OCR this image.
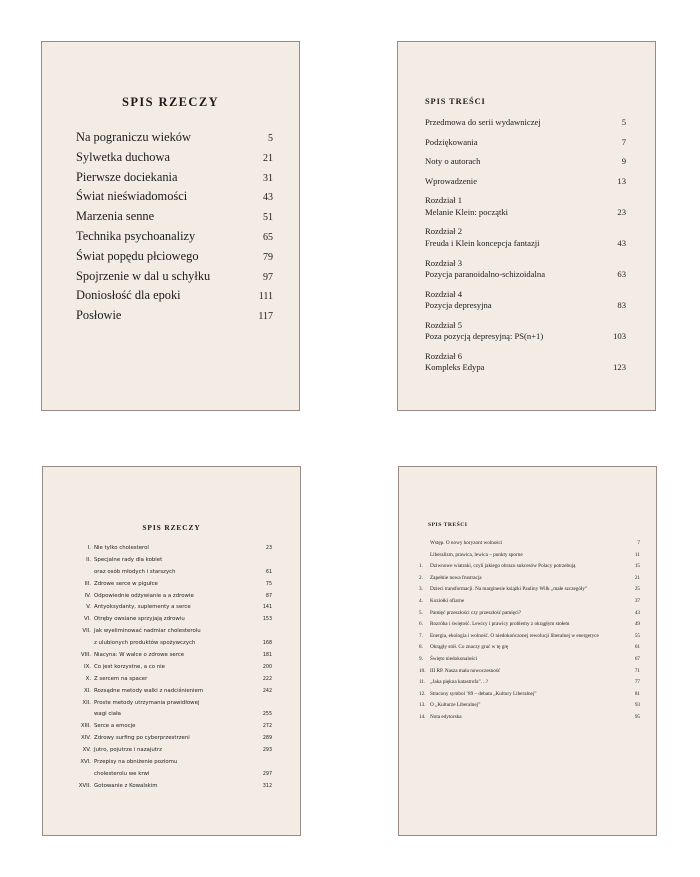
SPIS RZECZY
Na pograniczu wieków	5
Sylwetka duchowa	21
Pierwsze dociekania	31
Świat nieświadomości	43
Marzenia senne	51
Technika psychoanalizy	65
Świat popędu płciowego	79
Spojrzenie w dal u schyłku	97
Doniosłość dla epoki	111
Posłowie	117
SPIS TREŚCI
Przedmowa do serii wydawniczej	5
Podziękowania	7
Noty o autorach	9
Wprowadzenie	13
Rozdział 1
Melanie Klein: początki	23
Rozdział 2
Freuda i Klein koncepcja fantazji	43
Rozdział 3
Pozycja paranoidalno-schizoidalna	63
Rozdział 4
Pozycja depresyjna	83
Rozdział 5
Poza pozycją depresyjną: PS(n+1)	103
Rozdział 6
Kompleks Edypa	123
SPIS RZECZY
I. Nie tylko cholesterol	23
II. Specjalne rady dla kobiet
oraz osób młodych i starszych	61
III. Zdrowe serce w pigułce	75
IV. Odpowiednie odżywianie a a zdrowie	87
V. Antyoksydanty, suplementy a serce	141
VI. Otręby owsiane sprzyjają zdrowiu	153
VII. Jak wyeliminować nadmiar cholesterolu
z ulubionych produktów spożywczych	168
VIII. Niacyna: W walce o zdrowe serce	181
IX. Co jest korzystne, a co nie	200
X. Z sercem na spacer	222
XI. Rozsądne metody walki z nadciśnieniem	242
XII. Proste metody utrzymania prawidłowej
wagi ciała	255
XIII. Serce a emocje	272
XIV. Zdrowy surfing po cyberprzestrzeni	289
XV. Jutro, pojutrze i nazajutrz	293
XVI. Przepisy na obniżenie poziomu
cholesterolu we krwi	297
XVII. Gotowanie z Kowalskim	312
SPIS TREŚCI
Wstęp. O nowy horyzont wolności	7
Liberalizm, prawica, lewica – punkty sporne	11
1.	Dziwnowe wiatraki, czyli jakiego obrazu sukcesów Polacy potrzebują	15
2.	Zapełnie nowa frustracja	21
3.	Dzieci transformacji. Na marginesie książki Pauliny Wilk „małe szczegóły”	25
4.	Koziołki ofiarne	37
5.	Pamięć przeszłości czy przeszłość pamięci?	43
6.	Rozróba i świętość. Lewicy i prawicy problemy z okrągłym stołem	49
7.	Energia, ekologia i wolność. O niedokończonej rewolucji liberalnej w energetyce	55
8.	Okrągły stół. Co znaczy grać w tę grę	61
9.	Święto niedokonalości	67
10. III RP. Nasza mała nowoczesność	71
11. „Jaka piękna katastrofa”…?	77
12. Stracony symbol ’89 – debata „Kultury Liberalnej”	81
13. O „Kulturze Liberalnej”	93
14. Nota edytorska	95
